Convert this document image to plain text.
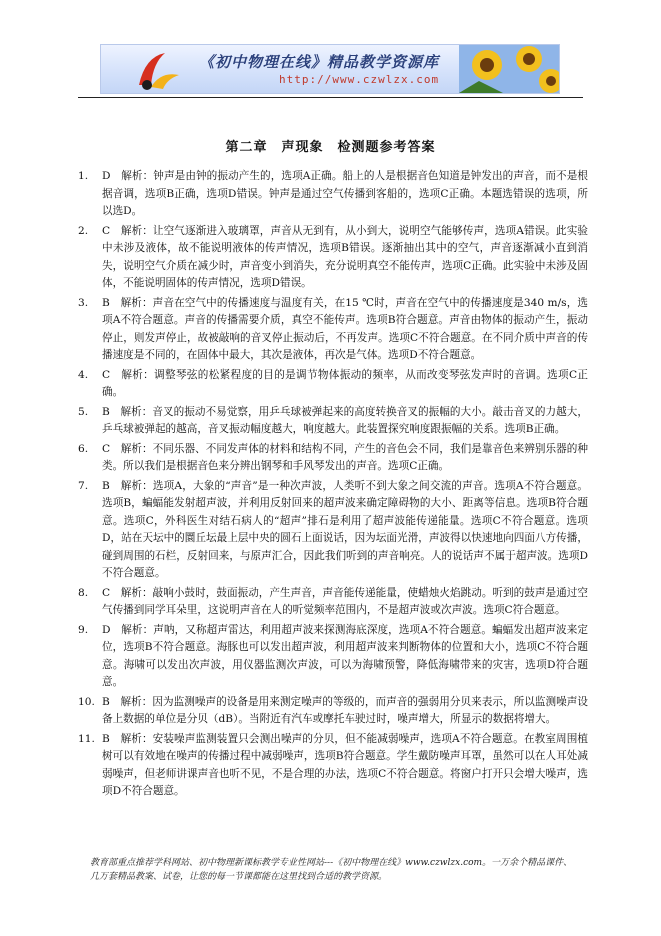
《初中物理在线》精品教学资源库
http://www.czwlzx.com
第二章　声现象　检测题参考答案
1.	D　解析：钟声是由钟的振动产生的，选项A正确。船上的人是根据音色知道是钟发出的声音，而不是根据音调，选项B正确，选项D错误。钟声是通过空气传播到客船的，选项C正确。本题选错误的选项，所以选D。
2.	C　解析：让空气逐渐进入玻璃罩，声音从无到有，从小到大，说明空气能够传声，选项A错误。此实验中未涉及液体，故不能说明液体的传声情况，选项B错误。逐渐抽出其中的空气，声音逐渐减小直到消失，说明空气介质在减少时，声音变小到消失，充分说明真空不能传声，选项C正确。此实验中未涉及固体，不能说明固体的传声情况，选项D错误。
3.	B　解析：声音在空气中的传播速度与温度有关，在15 ℃时，声音在空气中的传播速度是340 m/s，选项A不符合题意。声音的传播需要介质，真空不能传声。选项B符合题意。声音由物体的振动产生，振动停止，则发声停止，故被敲响的音叉停止振动后，不再发声。选项C不符合题意。在不同介质中声音的传播速度是不同的，在固体中最大，其次是液体，再次是气体。选项D不符合题意。
4.	C　解析：调整琴弦的松紧程度的目的是调节物体振动的频率，从而改变琴弦发声时的音调。选项C正确。
5.	B　解析：音叉的振动不易觉察，用乒乓球被弹起来的高度转换音叉的振幅的大小。敲击音叉的力越大，乒乓球被弹起的越高，音叉振动幅度越大，响度越大。此装置探究响度跟振幅的关系。选项B正确。
6.	C　解析：不同乐器、不同发声体的材料和结构不同，产生的音色会不同，我们是靠音色来辨别乐器的种类。所以我们是根据音色来分辨出钢琴和手风琴发出的声音。选项C正确。
7.	B　解析：选项A，大象的“声音”是一种次声波，人类听不到大象之间交流的声音。选项A不符合题意。选项B，蝙蝠能发射超声波，并利用反射回来的超声波来确定障碍物的大小、距离等信息。选项B符合题意。选项C，外科医生对结石病人的“超声”排石是利用了超声波能传递能量。选项C不符合题意。选项D，站在天坛中的圜丘坛最上层中央的圆石上面说话，因为坛面光滑，声波得以快速地向四面八方传播，碰到周围的石栏，反射回来，与原声汇合，因此我们听到的声音响亮。人的说话声不属于超声波。选项D不符合题意。
8.	C　解析：敲响小鼓时，鼓面振动，产生声音，声音能传递能量，使蜡烛火焰跳动。听到的鼓声是通过空气传播到同学耳朵里，这说明声音在人的听觉频率范围内，不是超声波或次声波。选项C符合题意。
9.	D　解析：声呐，又称超声雷达，利用超声波来探测海底深度，选项A不符合题意。蝙蝠发出超声波来定位，选项B不符合题意。海豚也可以发出超声波，利用超声波来判断物体的位置和大小，选项C不符合题意。海啸可以发出次声波，用仪器监测次声波，可以为海啸预警，降低海啸带来的灾害，选项D符合题意。
10. B　解析：因为监测噪声的设备是用来测定噪声的等级的，而声音的强弱用分贝来表示，所以监测噪声设备上数据的单位是分贝（dB）。当附近有汽车或摩托车驶过时，噪声增大，所显示的数据将增大。
11. B　解析：安装噪声监测装置只会测出噪声的分贝，但不能减弱噪声，选项A不符合题意。在教室周围植树可以有效地在噪声的传播过程中减弱噪声，选项B符合题意。学生戴防噪声耳罩，虽然可以在人耳处减弱噪声，但老师讲课声音也听不见，不是合理的办法，选项C不符合题意。将窗户打开只会增大噪声，选项D不符合题意。
教育部重点推荐学科网站、初中物理新课标教学专业性网站---《初中物理在线》www.czwlzx.com。一万余个精品课件、几万套精品教案、试卷，让您的每一节课都能在这里找到合适的教学资源。
